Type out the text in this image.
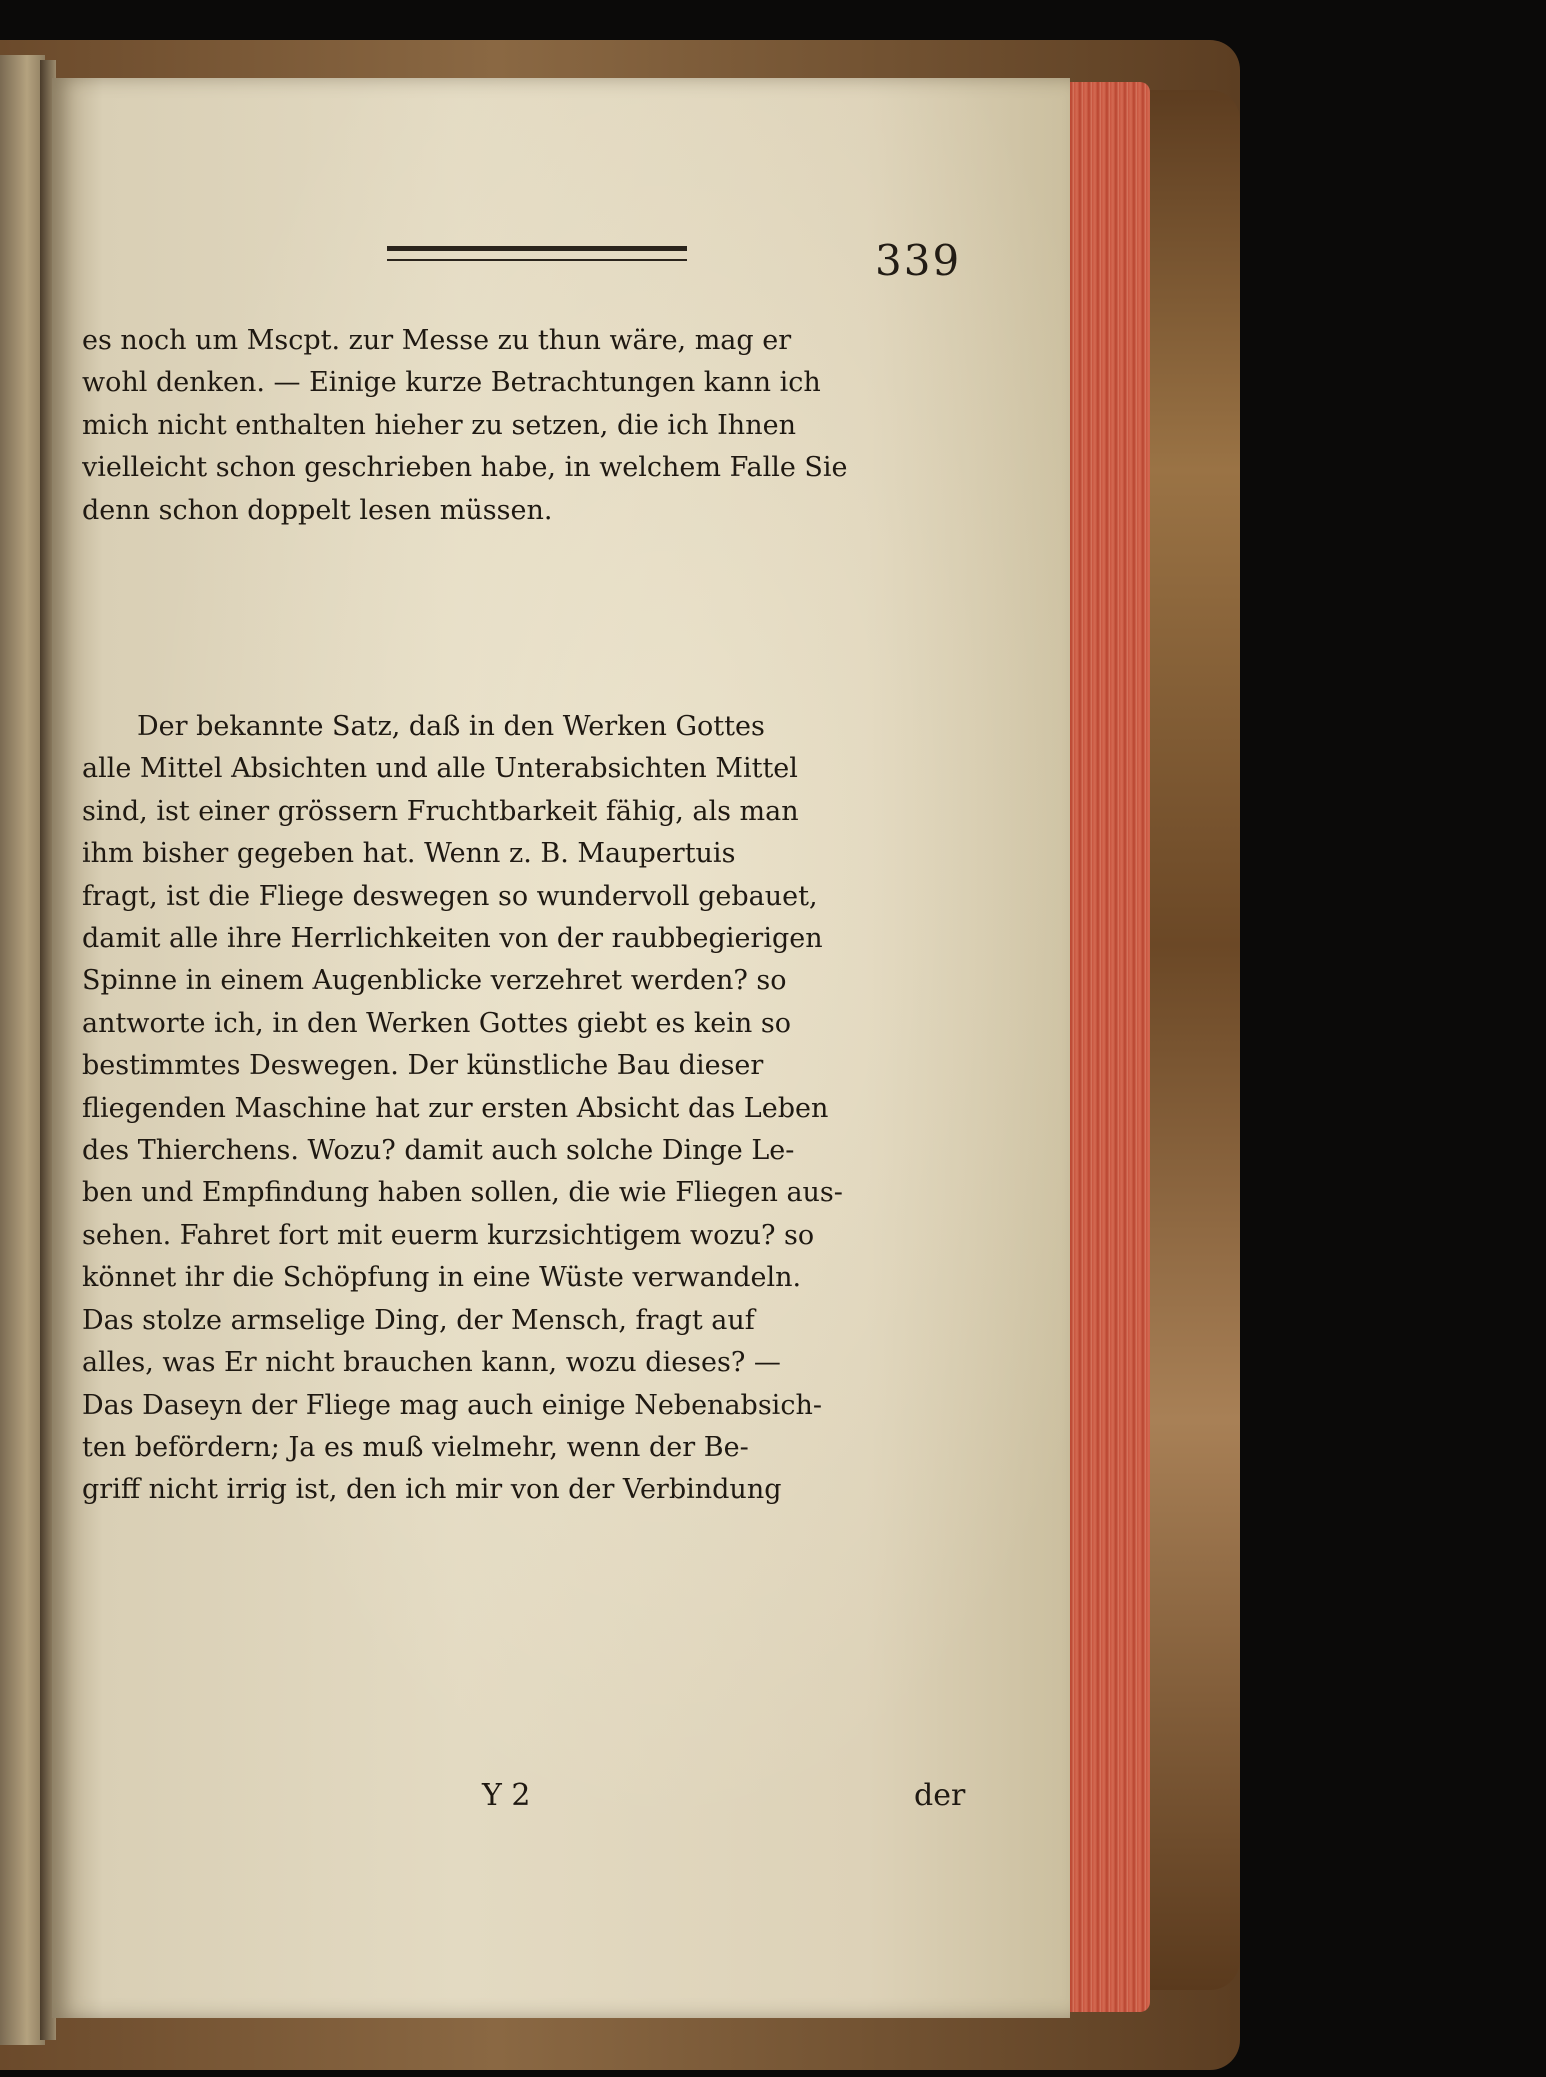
339
es noch um Mscpt. zur Messe zu thun wäre, mag er
wohl denken. — Einige kurze Betrachtungen kann ich
mich nicht enthalten hieher zu setzen, die ich Ihnen
vielleicht schon geschrieben habe, in welchem Falle Sie
denn schon doppelt lesen müssen.
Der bekannte Satz, daß in den Werken Gottes
alle Mittel Absichten und alle Unterabsichten Mittel
sind, ist einer grössern Fruchtbarkeit fähig, als man
ihm bisher gegeben hat. Wenn z. B. Maupertuis
fragt, ist die Fliege deswegen so wundervoll gebauet,
damit alle ihre Herrlichkeiten von der raubbegierigen
Spinne in einem Augenblicke verzehret werden? so
antworte ich, in den Werken Gottes giebt es kein so
bestimmtes Deswegen. Der künstliche Bau dieser
fliegenden Maschine hat zur ersten Absicht das Leben
des Thierchens. Wozu? damit auch solche Dinge Le-
ben und Empfindung haben sollen, die wie Fliegen aus-
sehen. Fahret fort mit euerm kurzsichtigem wozu? so
könnet ihr die Schöpfung in eine Wüste verwandeln.
Das stolze armselige Ding, der Mensch, fragt auf
alles, was Er nicht brauchen kann, wozu dieses? —
Das Daseyn der Fliege mag auch einige Nebenabsich-
ten befördern; Ja es muß vielmehr, wenn der Be-
griff nicht irrig ist, den ich mir von der Verbindung
Y 2	der
